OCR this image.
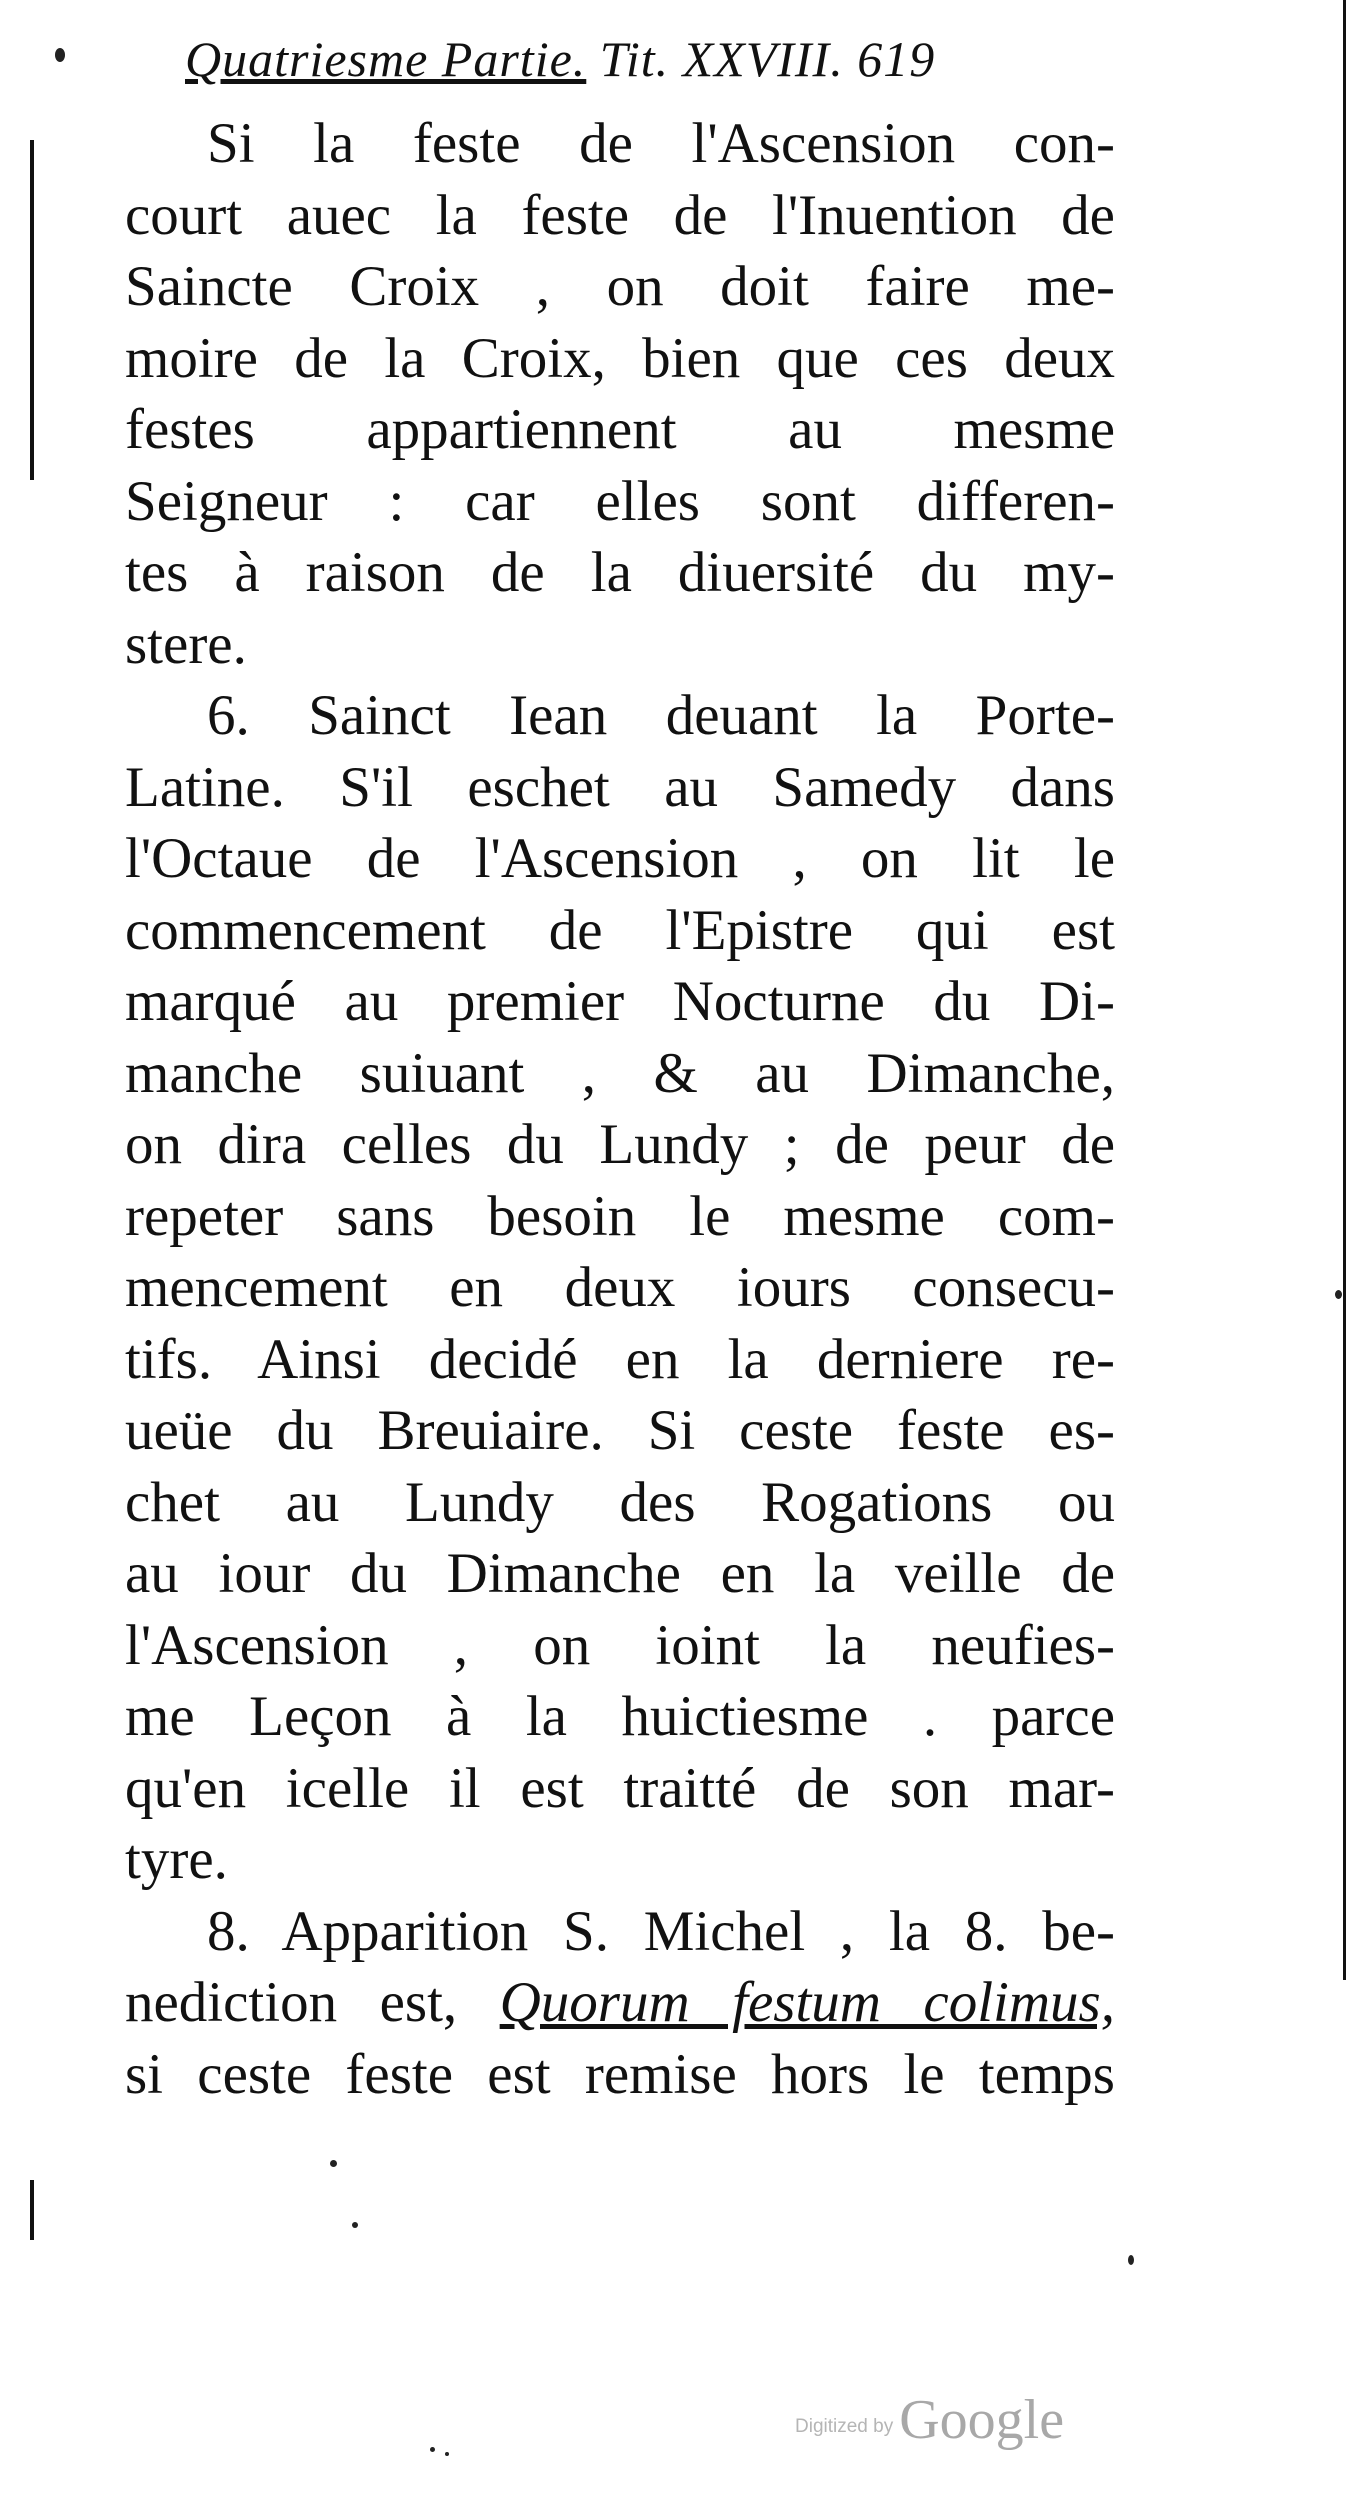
Quatriesme Partie. Tit. XXVIII. 619
Si la feste de l'Ascension con-
court auec la feste de l'Inuention de
Saincte Croix , on doit faire me-
moire de la Croix, bien que ces deux
festes appartiennent au mesme
Seigneur : car elles sont differen-
tes à raison de la diuersité du my-
stere.
6. Sainct Iean deuant la Porte-
Latine. S'il eschet au Samedy dans
l'Octaue de l'Ascension , on lit le
commencement de l'Epistre qui est
marqué au premier Nocturne du Di-
manche suiuant , & au Dimanche,
on dira celles du Lundy ; de peur de
repeter sans besoin le mesme com-
mencement en deux iours consecu-
tifs. Ainsi decidé en la derniere re-
ueüe du Breuiaire. Si ceste feste es-
chet au Lundy des Rogations ou
au iour du Dimanche en la veille de
l'Ascension , on ioint la neufies-
me Leçon à la huictiesme . parce
qu'en icelle il est traitté de son mar-
tyre.
8. Apparition S. Michel , la 8. be-
nediction est, Quorum festum colimus,
si ceste feste est remise hors le temps
Digitized by Google
